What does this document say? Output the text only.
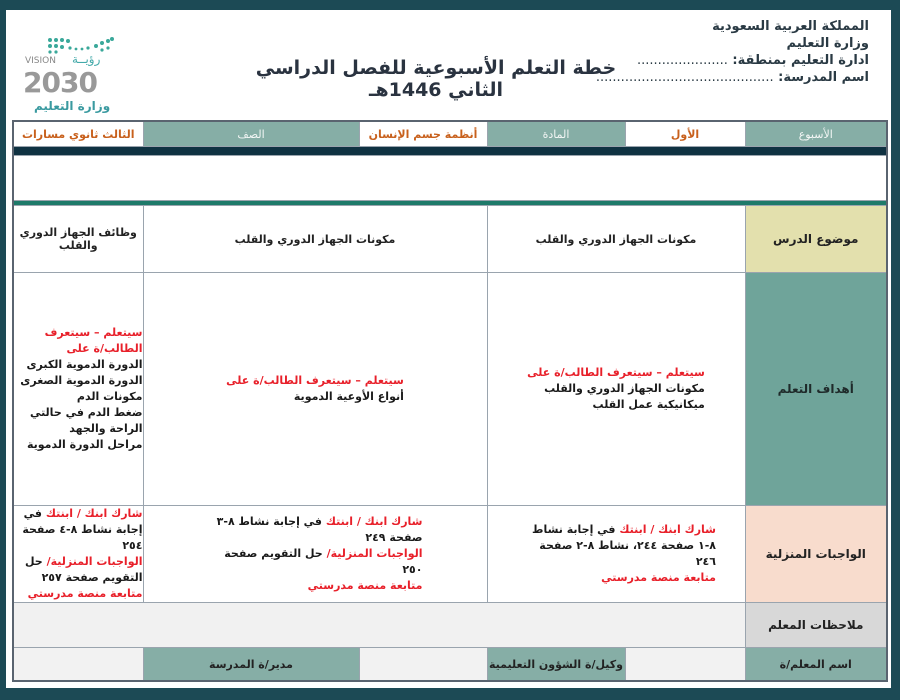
المملكة العربية السعودية
وزارة التعليم
ادارة التعليم بمنطقة: ......................
اسم المدرسة: ...........................................
خطة التعلم الأسبوعية للفصل الدراسي الثاني 1446هـ
VISION رؤيــة
2030
وزارة التعليم
الأسبوع	الأول	المادة	أنظمة جسم الإنسان	الصف	الثالث ثانوي مسارات

موضوع الدرس	مكونات الجهاز الدوري والقلب		مكونات الجهاز الدوري والقلب		وظائف الجهاز الدوري والقلب
أهداف التعلم	
سيتعلم – سيتعرف الطالب/ة على
مكونات الجهاز الدوري والقلب
ميكانيكية عمل القلب

سيتعلم – سيتعرف الطالب/ة على
أنواع الأوعية الدموية

سيتعلم – سيتعرف الطالب/ة على
الدورة الدموية الكبرى
الدورة الدموية الصغرى
مكونات الدم
ضغط الدم في حالتي الراحة والجهد
مراحل الدورة الدموية

الواجبات المنزلية	شارك ابنك / ابنتك في إجابة نشاط ٨-١ صفحة ٢٤٤، نشاط ٨-٢ صفحة ٢٤٦
متابعة منصة مدرستي
	شارك ابنك / ابنتك في إجابة نشاط ٨-٣ صفحة ٢٤٩
الواجبات المنزلية/ حل التقويم صفحة ٢٥٠
متابعة منصة مدرستي
	شارك ابنك / ابنتك في إجابة نشاط ٨-٤ صفحة ٢٥٤
الواجبات المنزلية/ حل التقويم صفحة ٢٥٧
متابعة منصة مدرستي

ملاحظات المعلم					
اسم المعلم/ة		وكيل/ة الشؤون التعليمية		مدير/ة المدرسة	
